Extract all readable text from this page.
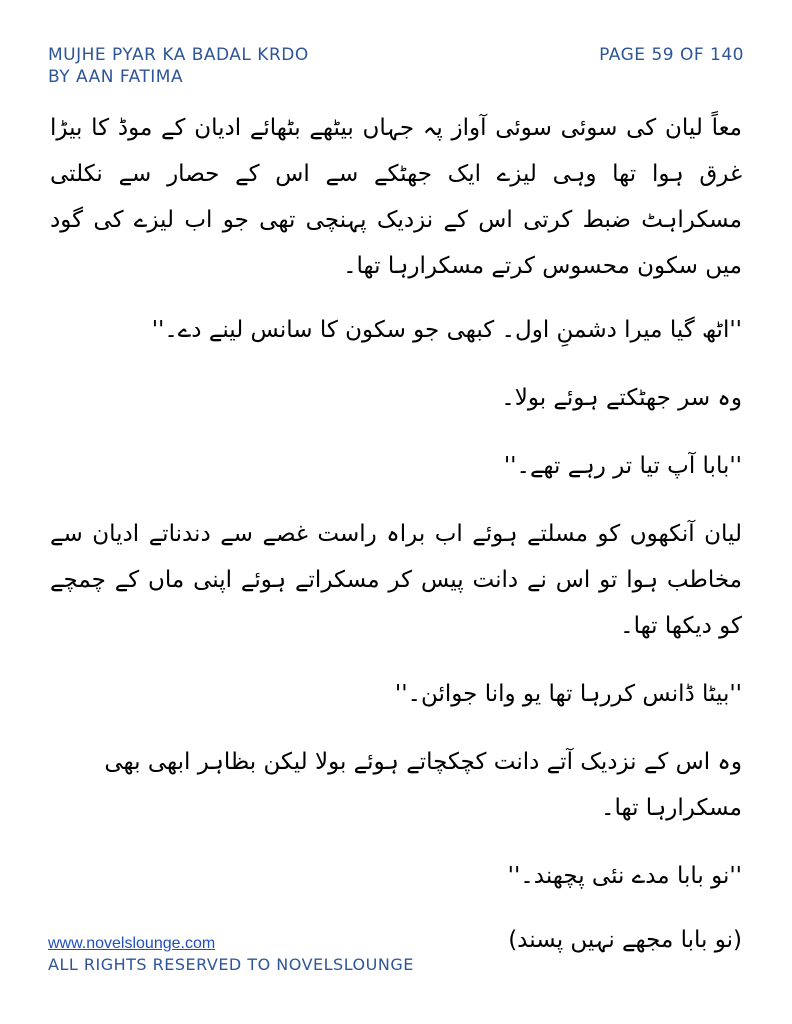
MUJHE PYAR KA BADAL KRDO
BY AAN FATIMA
PAGE 59 OF 140

معاً لیان کی سوئی سوئی آواز پہ جہاں بیٹھے بٹھائے ادیان کے موڈ کا بیڑا غرق ہوا تھا وہی لیزے ایک جھٹکے سے اس کے حصار سے نکلتی مسکراہٹ ضبط کرتی اس کے نزدیک پہنچی تھی جو اب لیزے کی گود میں سکون محسوس کرتے مسکرارہا تھا۔

''اٹھ گیا میرا دشمنِ اول۔ کبھی جو سکون کا سانس لینے دے۔''

وہ سر جھٹکتے ہوئے بولا۔

''بابا آپ تیا تر رہے تھے۔''

لیان آنکھوں کو مسلتے ہوئے اب براہ راست غصے سے دندناتے ادیان سے مخاطب ہوا تو اس نے دانت پیس کر مسکراتے ہوئے اپنی ماں کے چمچے کو دیکھا تھا۔

''بیٹا ڈانس کررہا تھا یو وانا جوائن۔''

وہ اس کے نزدیک آتے دانت کچکچاتے ہوئے بولا لیکن بظاہر ابھی بھی مسکرارہا تھا۔

''نو بابا مدے نئی پچھند۔''

(نو بابا مجھے نہیں پسند)

www.novelslounge.com
ALL RIGHTS RESERVED TO NOVELSLOUNGE
